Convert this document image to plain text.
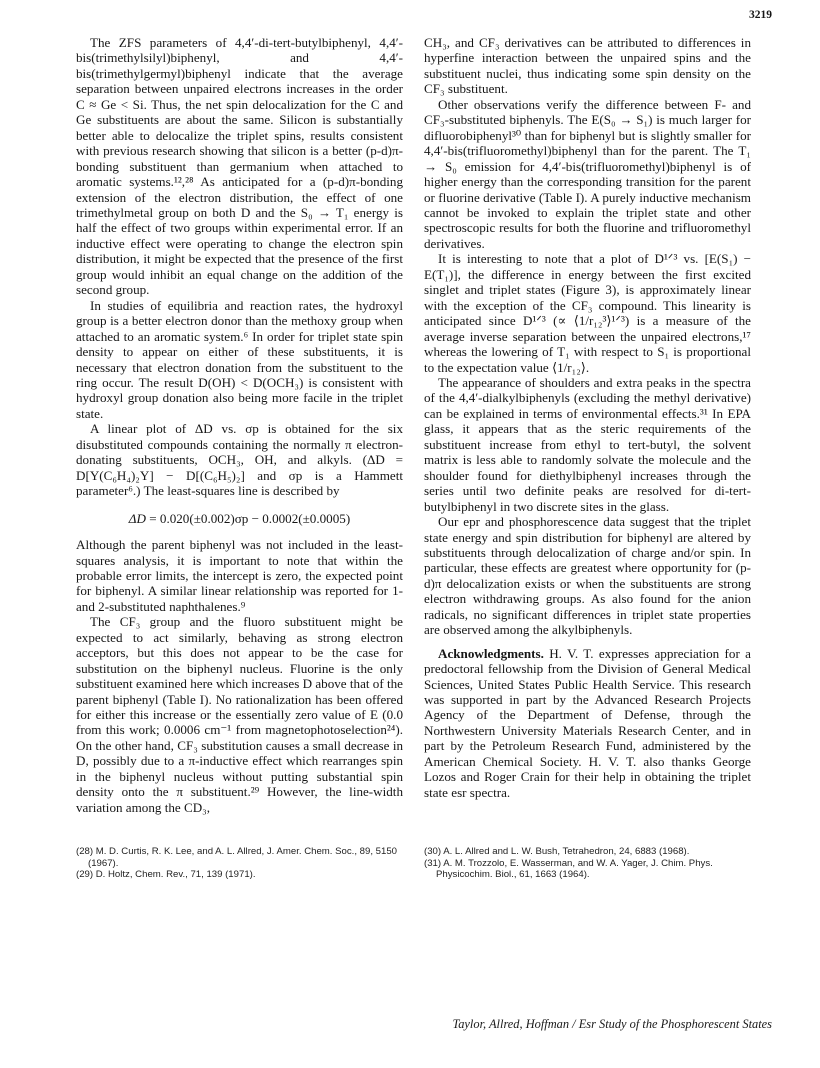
3219

The ZFS parameters of 4,4′-di-tert-butylbiphenyl, 4,4′-bis(trimethylsilyl)biphenyl, and 4,4′-bis(trimethylgermyl)biphenyl indicate that the average separation between unpaired electrons increases in the order C ≈ Ge < Si. Thus, the net spin delocalization for the C and Ge substituents are about the same. Silicon is substantially better able to delocalize the triplet spins, results consistent with previous research showing that silicon is a better (p-d)π-bonding substituent than germanium when attached to aromatic systems.¹²,²⁸ As anticipated for a (p-d)π-bonding extension of the electron distribution, the effect of one trimethylmetal group on both D and the S₀ → T₁ energy is half the effect of two groups within experimental error. If an inductive effect were operating to change the electron spin distribution, it might be expected that the presence of the first group would inhibit an equal change on the addition of the second group.

In studies of equilibria and reaction rates, the hydroxyl group is a better electron donor than the methoxy group when attached to an aromatic system.⁶ In order for triplet state spin density to appear on either of these substituents, it is necessary that electron donation from the substituent to the ring occur. The result D(OH) < D(OCH₃) is consistent with hydroxyl group donation also being more facile in the triplet state.

A linear plot of ΔD vs. σp is obtained for the six disubstituted compounds containing the normally π electron-donating substituents, OCH₃, OH, and alkyls. (ΔD = D[Y(C₆H₄)₂Y] − D[(C₆H₅)₂] and σp is a Hammett parameter⁶.) The least-squares line is described by

ΔD = 0.020(±0.002)σp − 0.0002(±0.0005)

Although the parent biphenyl was not included in the least-squares analysis, it is important to note that within the probable error limits, the intercept is zero, the expected point for biphenyl. A similar linear relationship was reported for 1- and 2-substituted naphthalenes.⁹

The CF₃ group and the fluoro substituent might be expected to act similarly, behaving as strong electron acceptors, but this does not appear to be the case for substitution on the biphenyl nucleus. Fluorine is the only substituent examined here which increases D above that of the parent biphenyl (Table I). No rationalization has been offered for either this increase or the essentially zero value of E (0.0 from this work; 0.0006 cm⁻¹ from magnetophotoselection²⁴). On the other hand, CF₃ substitution causes a small decrease in D, possibly due to a π-inductive effect which rearranges spin in the biphenyl nucleus without putting substantial spin density onto the π substituent.²⁹ However, the line-width variation among the CD₃,

CH₃, and CF₃ derivatives can be attributed to differences in hyperfine interaction between the unpaired spins and the substituent nuclei, thus indicating some spin density on the CF₃ substituent.

Other observations verify the difference between F- and CF₃-substituted biphenyls. The E(S₀ → S₁) is much larger for difluorobiphenyl³⁰ than for biphenyl but is slightly smaller for 4,4′-bis(trifluoromethyl)biphenyl than for the parent. The T₁ → S₀ emission for 4,4′-bis(trifluoromethyl)biphenyl is of higher energy than the corresponding transition for the parent or fluorine derivative (Table I). A purely inductive mechanism cannot be invoked to explain the triplet state and other spectroscopic results for both the fluorine and trifluoromethyl derivatives.

It is interesting to note that a plot of D¹ᐟ³ vs. [E(S₁) − E(T₁)], the difference in energy between the first excited singlet and triplet states (Figure 3), is approximately linear with the exception of the CF₃ compound. This linearity is anticipated since D¹ᐟ³ (∝ ⟨1/r₁₂³⟩¹ᐟ³) is a measure of the average inverse separation between the unpaired electrons,¹⁷ whereas the lowering of T₁ with respect to S₁ is proportional to the expectation value ⟨1/r₁₂⟩.

The appearance of shoulders and extra peaks in the spectra of the 4,4′-dialkylbiphenyls (excluding the methyl derivative) can be explained in terms of environmental effects.³¹ In EPA glass, it appears that as the steric requirements of the substituent increase from ethyl to tert-butyl, the solvent matrix is less able to randomly solvate the molecule and the shoulder found for diethylbiphenyl increases through the series until two definite peaks are resolved for di-tert-butylbiphenyl in two discrete sites in the glass.

Our epr and phosphorescence data suggest that the triplet state energy and spin distribution for biphenyl are altered by substituents through delocalization of charge and/or spin. In particular, these effects are greatest where opportunity for (p-d)π delocalization exists or when the substituents are strong electron withdrawing groups. As also found for the anion radicals, no significant differences in triplet state properties are observed among the alkylbiphenyls.

Acknowledgments. H. V. T. expresses appreciation for a predoctoral fellowship from the Division of General Medical Sciences, United States Public Health Service. This research was supported in part by the Advanced Research Projects Agency of the Department of Defense, through the Northwestern University Materials Research Center, and in part by the Petroleum Research Fund, administered by the American Chemical Society. H. V. T. also thanks George Lozos and Roger Crain for their help in obtaining the triplet state esr spectra.

(28) M. D. Curtis, R. K. Lee, and A. L. Allred, J. Amer. Chem. Soc., 89, 5150 (1967).

(29) D. Holtz, Chem. Rev., 71, 139 (1971).

(30) A. L. Allred and L. W. Bush, Tetrahedron, 24, 6883 (1968).

(31) A. M. Trozzolo, E. Wasserman, and W. A. Yager, J. Chim. Phys. Physicochim. Biol., 61, 1663 (1964).

Taylor, Allred, Hoffman / Esr Study of the Phosphorescent States
